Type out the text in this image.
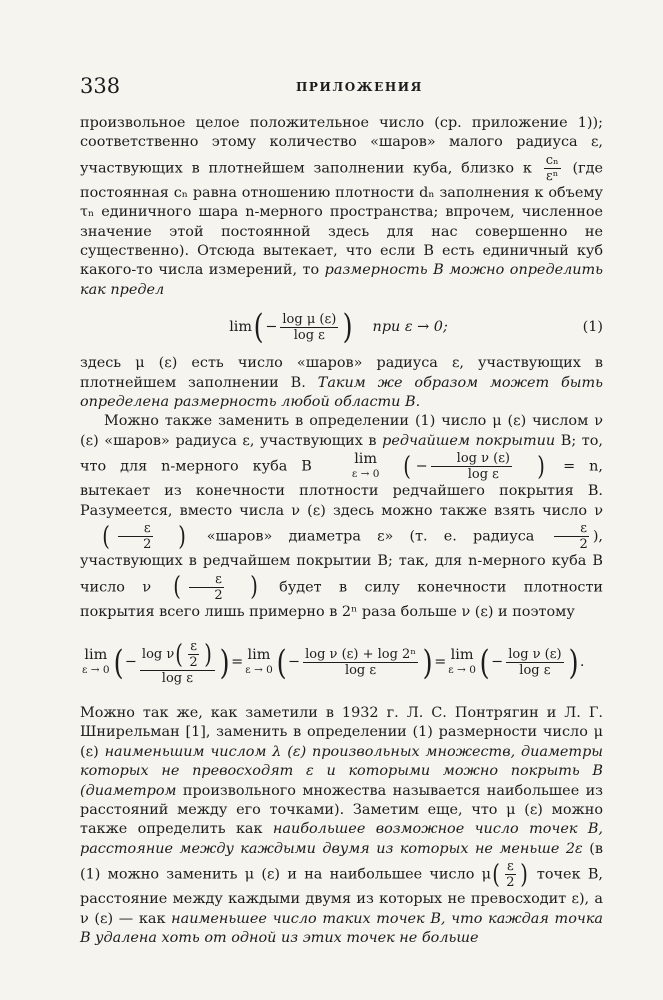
338	ПРИЛОЖЕНИЯ

произвольное целое положительное число (ср. приложение 1)); соответственно этому количество «шаров» малого радиуса ε, участвующих в плотнейшем заполнении куба, близко к $\frac{\text{cₙ}}{\text{εⁿ}} (где$ постоянная cₙ равна отношению плотности dₙ заполнения к объему τₙ единичного шара n-мерного пространства; впрочем, численное значение этой постоянной здесь для нас совершенно не существенно). Отсюда вытекает, что если B есть единичный куб какого-то числа измерений, то размерность B можно определить как предел

lim ( − $\frac{\text{log μ (ε)}}{\text{log ε}}$ ) при ε → 0;	(1)

здесь μ (ε) есть число «шаров» радиуса ε, участвующих в плотнейшем заполнении B. Таким же образом может быть определена размерность любой области B.

Можно также заменить в определении (1) число μ (ε) числом ν (ε) «шаров» радиуса ε, участвующих в редчайшем покрытии B; то, что для n-мерного куба B	lim
ε → 0 ( − $\frac{\text{log ν (ε)}}{\text{log ε}}$ ) = n, вытекает из конечности плотности редчайшего покрытия B. Разумеется, вместо числа ν (ε) здесь можно также взять число $\nu( \frac{\varepsilon}{2}$ ) «шаров» диаметра ε» (т. е. радиуса $\frac{\varepsilon}{2}$ ), участвующих в редчайшем покрытии B; так, для n-мерного куба B число ν ( $\frac{\varepsilon}{2}$ ) будет в силу конечности плотности покрытия всего лишь примерно в 2ⁿ раза больше ν (ε) и поэтому

lim
ε → 0 ( − $\frac{\log \nu( \frac{\varepsilon}{2} )}{\text{log ε}}$ ) = lim
ε → 0 ( − $\frac{\text{log ν (ε) + log 2ⁿ}}{\text{log ε}}$ ) = lim
ε → 0 ( − $\frac{\text{log ν (ε)}}{\text{log ε}}$ ) .

Можно так же, как заметили в 1932 г. Л. С. Понтрягин и Л. Г. Шнирельман [1], заменить в определении (1) размерности число μ (ε) наименьшим числом λ (ε) произвольных множеств, диаметры которых не превосходят ε и которыми можно покрыть B (диаметром произвольного множества называется наибольшее из расстояний между его точками). Заметим еще, что μ (ε) можно также определить как наибольшее возможное число точек B, расстояние между каждыми двумя из которых не меньше 2ε (в (1) можно заменить μ (ε) и на наибольшее число $\mu( \frac{\varepsilon}{2}$ ) точек B, расстояние между каждыми двумя из которых не превосходит ε), а ν (ε) — как наименьшее число таких точек B, что каждая точка B удалена хоть от одной из этих точек не больше
